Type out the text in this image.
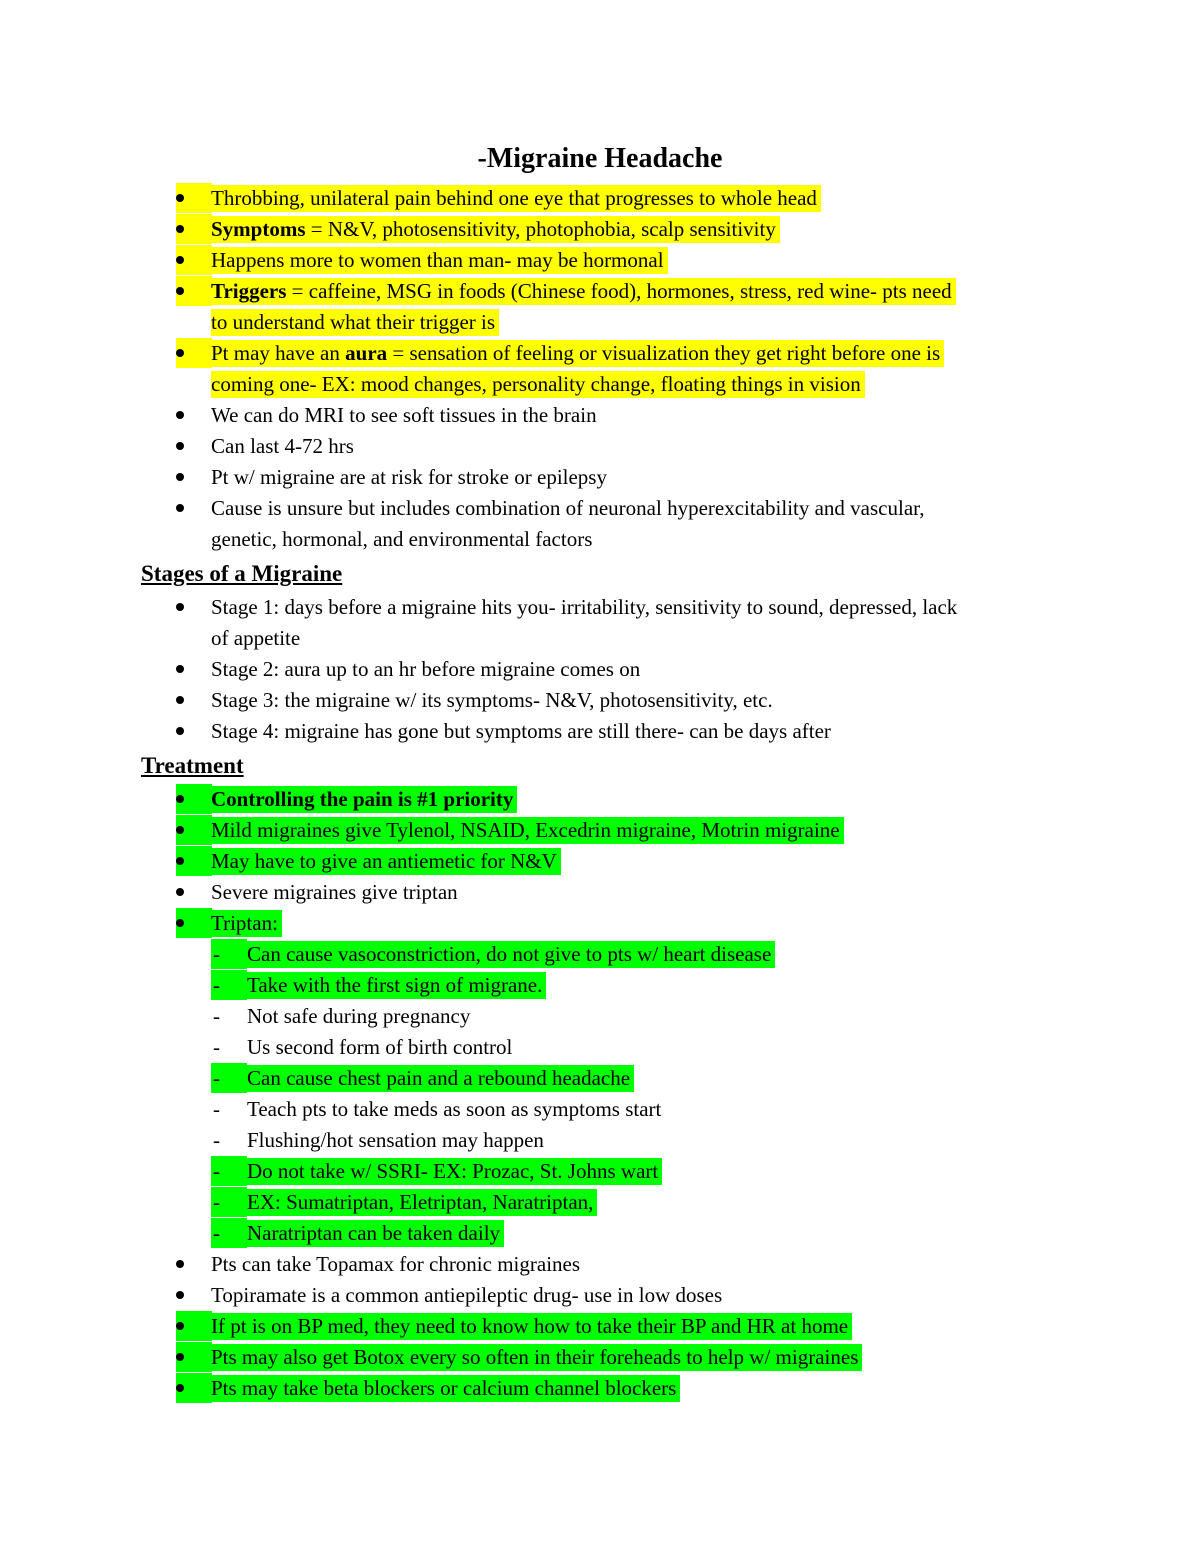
-Migraine Headache
Throbbing, unilateral pain behind one eye that progresses to whole head
Symptoms = N&V, photosensitivity, photophobia, scalp sensitivity
Happens more to women than man- may be hormonal
Triggers = caffeine, MSG in foods (Chinese food), hormones, stress, red wine- pts need
to understand what their trigger is
Pt may have an aura = sensation of feeling or visualization they get right before one is
coming one- EX: mood changes, personality change, floating things in vision
We can do MRI to see soft tissues in the brain
Can last 4-72 hrs
Pt w/ migraine are at risk for stroke or epilepsy
Cause is unsure but includes combination of neuronal hyperexcitability and vascular,
genetic, hormonal, and environmental factors
Stages of a Migraine
Stage 1: days before a migraine hits you- irritability, sensitivity to sound, depressed, lack
of appetite
Stage 2: aura up to an hr before migraine comes on
Stage 3: the migraine w/ its symptoms- N&V, photosensitivity, etc.
Stage 4: migraine has gone but symptoms are still there- can be days after
Treatment
Controlling the pain is #1 priority
Mild migraines give Tylenol, NSAID, Excedrin migraine, Motrin migraine
May have to give an antiemetic for N&V
Severe migraines give triptan
Triptan:
- Can cause vasoconstriction, do not give to pts w/ heart disease
- Take with the first sign of migrane.
- Not safe during pregnancy
- Us second form of birth control
- Can cause chest pain and a rebound headache
- Teach pts to take meds as soon as symptoms start
- Flushing/hot sensation may happen
- Do not take w/ SSRI- EX: Prozac, St. Johns wart
- EX: Sumatriptan, Eletriptan, Naratriptan,
- Naratriptan can be taken daily
Pts can take Topamax for chronic migraines
Topiramate is a common antiepileptic drug- use in low doses
If pt is on BP med, they need to know how to take their BP and HR at home
Pts may also get Botox every so often in their foreheads to help w/ migraines
Pts may take beta blockers or calcium channel blockers
